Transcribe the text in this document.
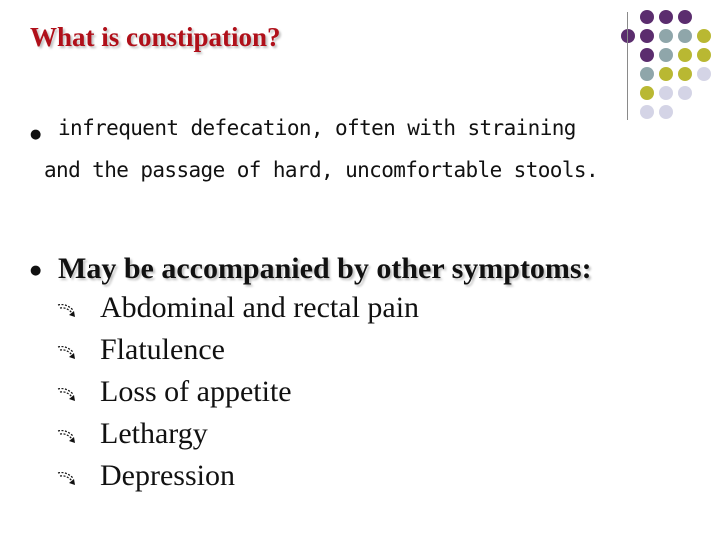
What is constipation?
● infrequent defecation, often with straining
and the passage of hard, uncomfortable stools.
● May be accompanied by other symptoms:
Abdominal and rectal pain
Flatulence
Loss of appetite
Lethargy
Depression
